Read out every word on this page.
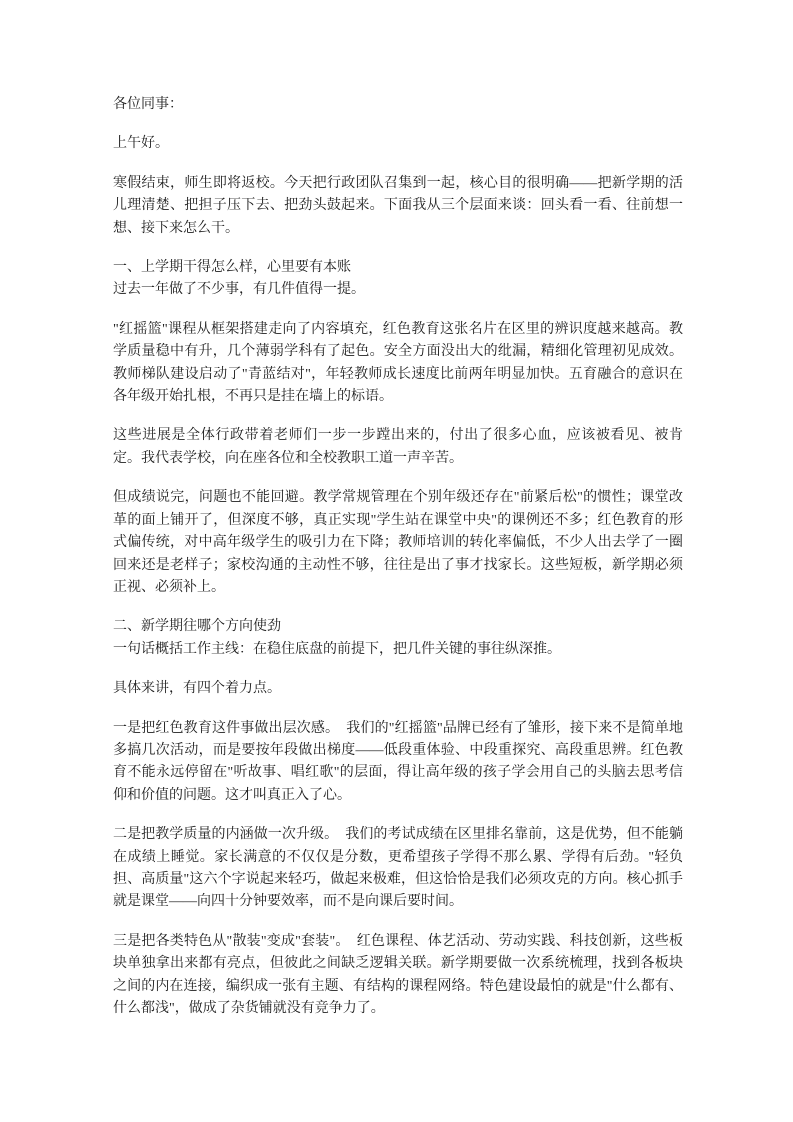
各位同事：
上午好。
寒假结束，师生即将返校。今天把行政团队召集到一起，核心目的很明确——把新学期的活儿理清楚、把担子压下去、把劲头鼓起来。下面我从三个层面来谈：回头看一看、往前想一想、接下来怎么干。
一、上学期干得怎么样，心里要有本账
过去一年做了不少事，有几件值得一提。
"红摇篮"课程从框架搭建走向了内容填充，红色教育这张名片在区里的辨识度越来越高。教学质量稳中有升，几个薄弱学科有了起色。安全方面没出大的纰漏，精细化管理初见成效。教师梯队建设启动了"青蓝结对"，年轻教师成长速度比前两年明显加快。五育融合的意识在各年级开始扎根，不再只是挂在墙上的标语。
这些进展是全体行政带着老师们一步一步蹚出来的，付出了很多心血，应该被看见、被肯定。我代表学校，向在座各位和全校教职工道一声辛苦。
但成绩说完，问题也不能回避。教学常规管理在个别年级还存在"前紧后松"的惯性；课堂改革的面上铺开了，但深度不够，真正实现"学生站在课堂中央"的课例还不多；红色教育的形式偏传统，对中高年级学生的吸引力在下降；教师培训的转化率偏低，不少人出去学了一圈回来还是老样子；家校沟通的主动性不够，往往是出了事才找家长。这些短板，新学期必须正视、必须补上。
二、新学期往哪个方向使劲
一句话概括工作主线：在稳住底盘的前提下，把几件关键的事往纵深推。
具体来讲，有四个着力点。
一是把红色教育这件事做出层次感。　我们的"红摇篮"品牌已经有了雏形，接下来不是简单地多搞几次活动，而是要按年段做出梯度——低段重体验、中段重探究、高段重思辨。红色教育不能永远停留在"听故事、唱红歌"的层面，得让高年级的孩子学会用自己的头脑去思考信仰和价值的问题。这才叫真正入了心。
二是把教学质量的内涵做一次升级。　我们的考试成绩在区里排名靠前，这是优势，但不能躺在成绩上睡觉。家长满意的不仅仅是分数，更希望孩子学得不那么累、学得有后劲。"轻负担、高质量"这六个字说起来轻巧，做起来极难，但这恰恰是我们必须攻克的方向。核心抓手就是课堂——向四十分钟要效率，而不是向课后要时间。
三是把各类特色从"散装"变成"套装"。　红色课程、体艺活动、劳动实践、科技创新，这些板块单独拿出来都有亮点，但彼此之间缺乏逻辑关联。新学期要做一次系统梳理，找到各板块之间的内在连接，编织成一张有主题、有结构的课程网络。特色建设最怕的就是"什么都有、什么都浅"，做成了杂货铺就没有竞争力了。
